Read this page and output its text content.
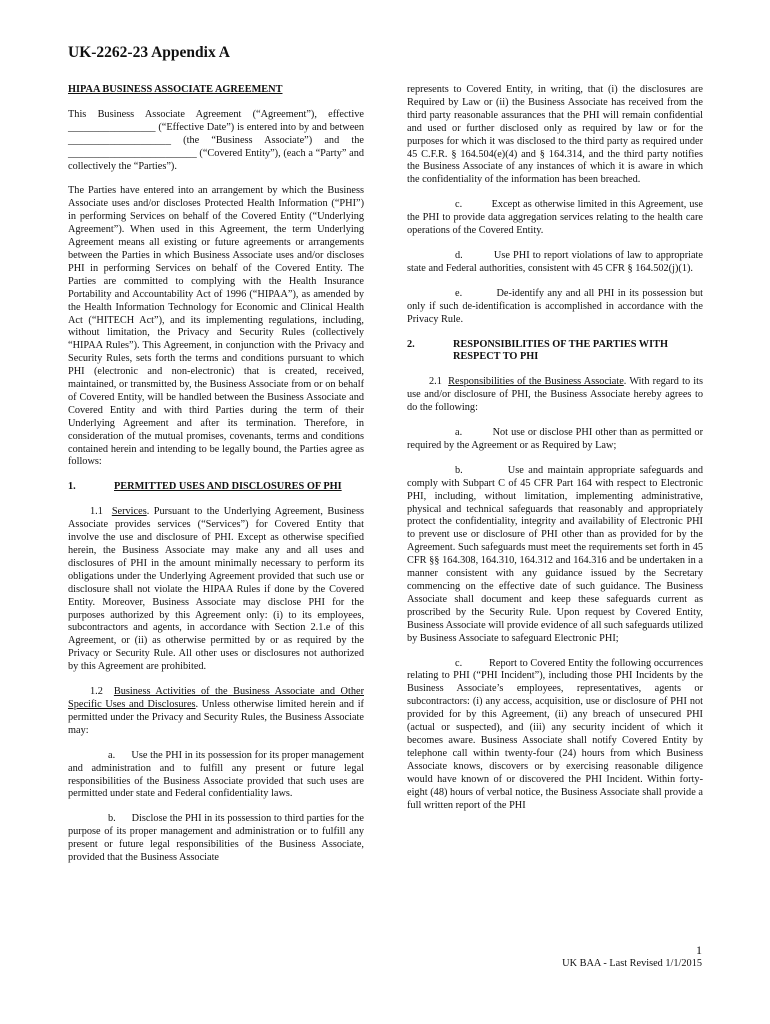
UK-2262-23 Appendix A
HIPAA BUSINESS ASSOCIATE AGREEMENT

This Business Associate Agreement (“Agreement”), effective _________________ (“Effective Date”) is entered into by and between ____________________ (the “Business Associate”) and the _________________________ (“Covered Entity”), (each a “Party” and collectively the “Parties”).

The Parties have entered into an arrangement by which the Business Associate uses and/or discloses Protected Health Information (“PHI”) in performing Services on behalf of the Covered Entity (“Underlying Agreement”). When used in this Agreement, the term Underlying Agreement means all existing or future agreements or arrangements between the Parties in which Business Associate uses and/or discloses PHI in performing Services on behalf of the Covered Entity. The Parties are committed to complying with the Health Insurance Portability and Accountability Act of 1996 (“HIPAA”), as amended by the Health Information Technology for Economic and Clinical Health Act (“HITECH Act”), and its implementing regulations, including, without limitation, the Privacy and Security Rules (collectively “HIPAA Rules”). This Agreement, in conjunction with the Privacy and Security Rules, sets forth the terms and conditions pursuant to which PHI (electronic and non-electronic) that is created, received, maintained, or transmitted by, the Business Associate from or on behalf of Covered Entity, will be handled between the Business Associate and Covered Entity and with third Parties during the term of their Underlying Agreement and after its termination. Therefore, in consideration of the mutual promises, covenants, terms and conditions contained herein and intending to be legally bound, the Parties agree as follows:

1.	PERMITTED USES AND DISCLOSURES OF PHI

1.1 Services. Pursuant to the Underlying Agreement, Business Associate provides services (“Services”) for Covered Entity that involve the use and disclosure of PHI. Except as otherwise specified herein, the Business Associate may make any and all uses and disclosures of PHI in the amount minimally necessary to perform its obligations under the Underlying Agreement provided that such use or disclosure shall not violate the HIPAA Rules if done by the Covered Entity. Moreover, Business Associate may disclose PHI for the purposes authorized by this Agreement only: (i) to its employees, subcontractors and agents, in accordance with Section 2.1.e of this Agreement, or (ii) as otherwise permitted by or as required by the Privacy or Security Rule. All other uses or disclosures not authorized by this Agreement are prohibited.

1.2 Business Activities of the Business Associate and Other Specific Uses and Disclosures. Unless otherwise limited herein and if permitted under the Privacy and Security Rules, the Business Associate may:

a. Use the PHI in its possession for its proper management and administration and to fulfill any present or future legal responsibilities of the Business Associate provided that such uses are permitted under state and Federal confidentiality laws.

b. Disclose the PHI in its possession to third parties for the purpose of its proper management and administration or to fulfill any present or future legal responsibilities of the Business Associate, provided that the Business Associate

represents to Covered Entity, in writing, that (i) the disclosures are Required by Law or (ii) the Business Associate has received from the third party reasonable assurances that the PHI will remain confidential and used or further disclosed only as required by law or for the purposes for which it was disclosed to the third party as required under 45 C.F.R. § 164.504(e)(4) and § 164.314, and the third party notifies the Business Associate of any instances of which it is aware in which the confidentiality of the information has been breached.

c.	Except as otherwise limited in this Agreement, use the PHI to provide data aggregation services relating to the health care operations of the Covered Entity.

d.	Use PHI to report violations of law to appropriate state and Federal authorities, consistent with 45 CFR § 164.502(j)(1).

e.	De-identify any and all PHI in its possession but only if such de-identification is accomplished in accordance with the Privacy Rule.

2.	RESPONSIBILITIES OF THE PARTIES WITH RESPECT TO PHI

2.1 Responsibilities of the Business Associate. With regard to its use and/or disclosure of PHI, the Business Associate hereby agrees to do the following:

a.	Not use or disclose PHI other than as permitted or required by the Agreement or as Required by Law;

b.	Use and maintain appropriate safeguards and comply with Subpart C of 45 CFR Part 164 with respect to Electronic PHI, including, without limitation, implementing administrative, physical and technical safeguards that reasonably and appropriately protect the confidentiality, integrity and availability of Electronic PHI to prevent use or disclosure of PHI other than as provided for by the Agreement. Such safeguards must meet the requirements set forth in 45 CFR §§ 164.308, 164.310, 164.312 and 164.316 and be undertaken in a manner consistent with any guidance issued by the Secretary commencing on the effective date of such guidance. The Business Associate shall document and keep these safeguards current as proscribed by the Security Rule. Upon request by Covered Entity, Business Associate will provide evidence of all such safeguards utilized by Business Associate to safeguard Electronic PHI;

c.	Report to Covered Entity the following occurrences relating to PHI (“PHI Incident”), including those PHI Incidents by the Business Associate’s employees, representatives, agents or subcontractors: (i) any access, acquisition, use or disclosure of PHI not provided for by this Agreement, (ii) any breach of unsecured PHI (actual or suspected), and (iii) any security incident of which it becomes aware. Business Associate shall notify Covered Entity by telephone call within twenty-four (24) hours from which Business Associate knows, discovers or by exercising reasonable diligence would have known of or discovered the PHI Incident. Within forty-eight (48) hours of verbal notice, the Business Associate shall provide a full written report of the PHI

1
UK BAA - Last Revised 1/1/2015
